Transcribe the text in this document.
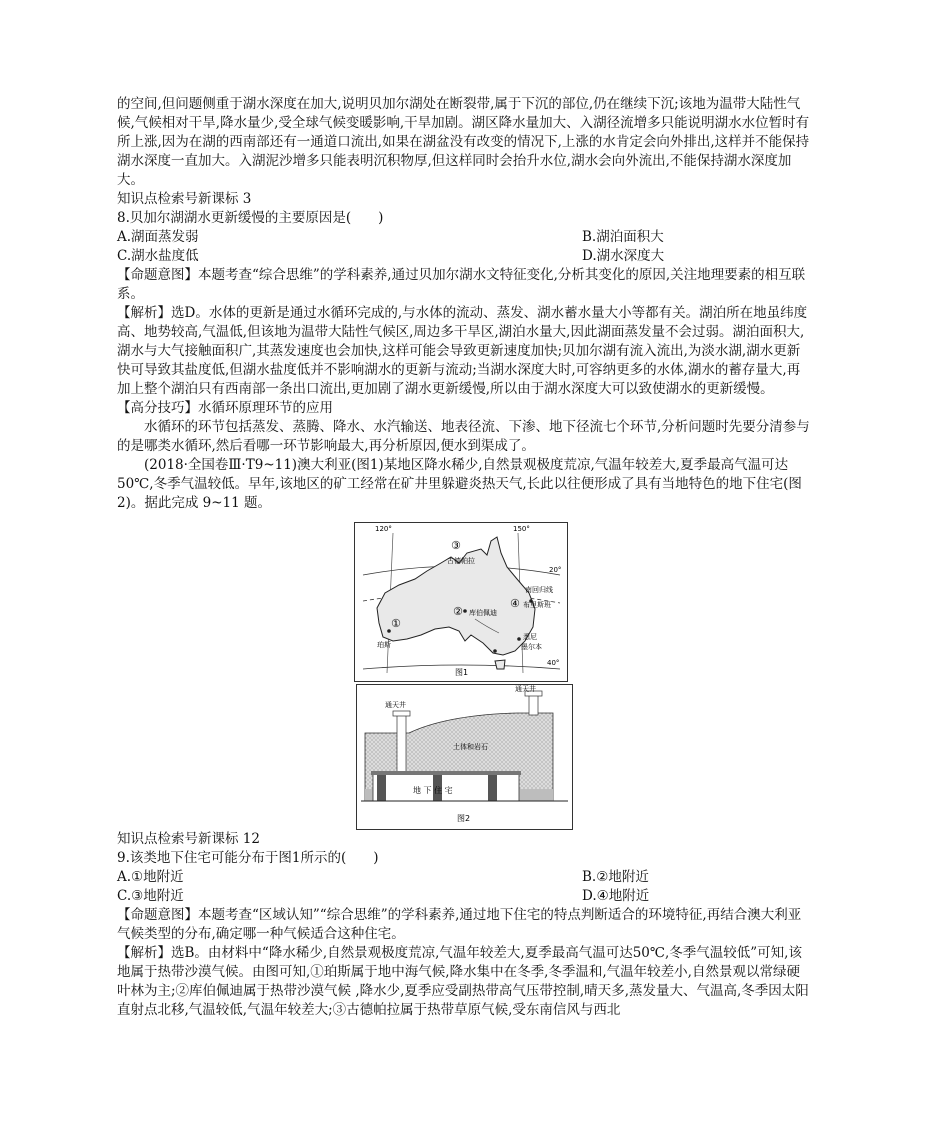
的空间,但问题侧重于湖水深度在加大,说明贝加尔湖处在断裂带,属于下沉的部位,仍在继续下沉;该地为温带大陆性气候,气候相对干旱,降水量少,受全球气候变暖影响,干旱加剧。湖区降水量加大、入湖径流增多只能说明湖水水位暂时有所上涨,因为在湖的西南部还有一通道口流出,如果在湖盆没有改变的情况下,上涨的水肯定会向外排出,这样并不能保持湖水深度一直加大。入湖泥沙增多只能表明沉积物厚,但这样同时会抬升水位,湖水会向外流出,不能保持湖水深度加大。

知识点检索号新课标 3

8.贝加尔湖湖水更新缓慢的主要原因是(　　)

A.湖面蒸发弱	B.湖泊面积大
C.湖水盐度低	D.湖水深度大

【命题意图】本题考查“综合思维”的学科素养,通过贝加尔湖水文特征变化,分析其变化的原因,关注地理要素的相互联系。

【解析】选D。水体的更新是通过水循环完成的,与水体的流动、蒸发、湖水蓄水量大小等都有关。湖泊所在地虽纬度高、地势较高,气温低,但该地为温带大陆性气候区,周边多干旱区,湖泊水量大,因此湖面蒸发量不会过弱。湖泊面积大,湖水与大气接触面积广,其蒸发速度也会加快,这样可能会导致更新速度加快;贝加尔湖有流入流出,为淡水湖,湖水更新快可导致其盐度低,但湖水盐度低并不影响湖水的更新与流动;当湖水深度大时,可容纳更多的水体,湖水的蓄存量大,再加上整个湖泊只有西南部一条出口流出,更加剧了湖水更新缓慢,所以由于湖水深度大可以致使湖水的更新缓慢。

【高分技巧】水循环原理环节的应用

水循环的环节包括蒸发、蒸腾、降水、水汽输送、地表径流、下渗、地下径流七个环节,分析问题时先要分清参与的是哪类水循环,然后看哪一环节影响最大,再分析原因,便水到渠成了。

(2018·全国卷Ⅲ·T9~11)澳大利亚(图1)某地区降水稀少,自然景观极度荒凉,气温年较差大,夏季最高气温可达50℃,冬季气温较低。早年,该地区的矿工经常在矿井里躲避炎热天气,长此以往便形成了具有当地特色的地下住宅(图2)。据此完成 9~11 题。

120°	150°
20°
40°
③
古德帕拉
南回归线
布里斯班
④
② 库伯佩迪
①
珀斯
悉尼
墨尔本
图1
通天井
通天井
土体和岩石
地 下 住 宅
图2

知识点检索号新课标 12

9.该类地下住宅可能分布于图1所示的(　　)

A.①地附近	B.②地附近
C.③地附近	D.④地附近

【命题意图】本题考查“区域认知”“综合思维”的学科素养,通过地下住宅的特点判断适合的环境特征,再结合澳大利亚气候类型的分布,确定哪一种气候适合这种住宅。

【解析】选B。由材料中“降水稀少,自然景观极度荒凉,气温年较差大,夏季最高气温可达50℃,冬季气温较低”可知,该地属于热带沙漠气候。由图可知,①珀斯属于地中海气候,降水集中在冬季,冬季温和,气温年较差小,自然景观以常绿硬叶林为主;②库伯佩迪属于热带沙漠气候 ,降水少,夏季应受副热带高气压带控制,晴天多,蒸发量大、气温高,冬季因太阳直射点北移,气温较低,气温年较差大;③古德帕拉属于热带草原气候,受东南信风与西北
